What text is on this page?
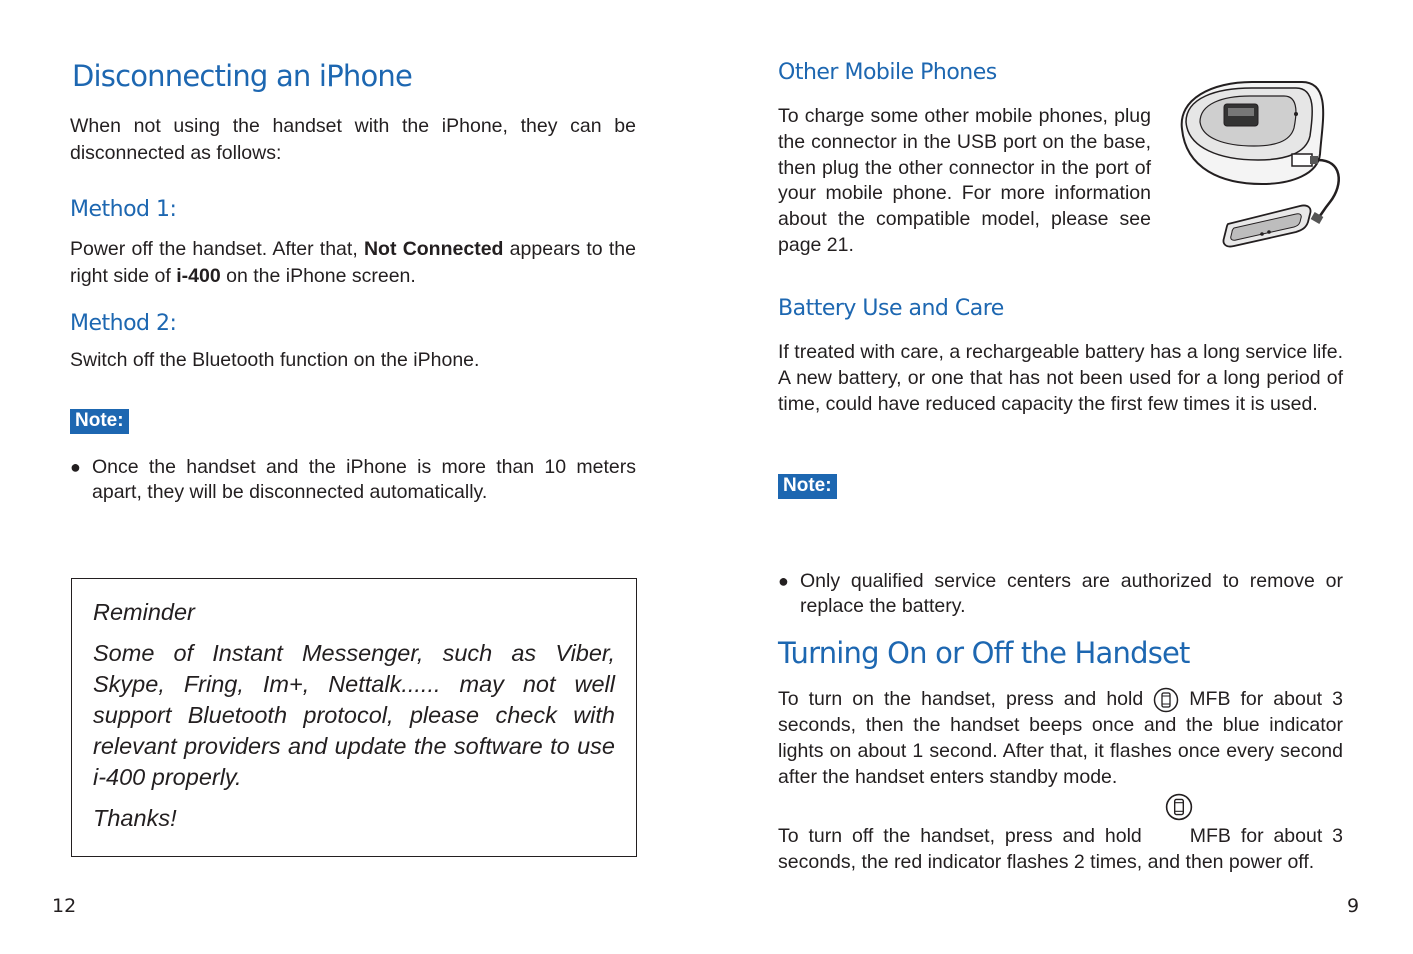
Disconnecting an iPhone

When not using the handset with the iPhone, they can be disconnected as follows:

Method 1:

Power off the handset. After that, Not Connected appears to the right side of i-400 on the iPhone screen.

Method 2:

Switch off the Bluetooth function on the iPhone.

Note:
● Once the handset and the iPhone is more than 10 meters apart, they will be disconnected automatically.

Reminder

Some of Instant Messenger, such as Viber, Skype, Fring, Im+, Nettalk...... may not well support Bluetooth protocol, please check with relevant providers and update the software to use i-400 properly.

Thanks!

12
Other Mobile Phones

To charge some other mobile phones, plug the connector in the USB port on the base, then plug the other connector in the port of your mobile phone. For more information about the compatible model, please see page 21.

Battery Use and Care

If treated with care, a rechargeable battery has a long service life. A new battery, or one that has not been used for a long period of time, could have reduced capacity the first few times it is used.

Note:
● Only qualified service centers are authorized to remove or replace the battery.
Turning On or Off the Handset

To turn on the handset, press and hold MFB for about 3 seconds, then the handset beeps once and the blue indicator lights on about 1 second. After that, it flashes once every second after the handset enters standby mode.

To turn off the handset, press and hold MFB for about 3 seconds, the red indicator flashes 2 times, and then power off.

9
